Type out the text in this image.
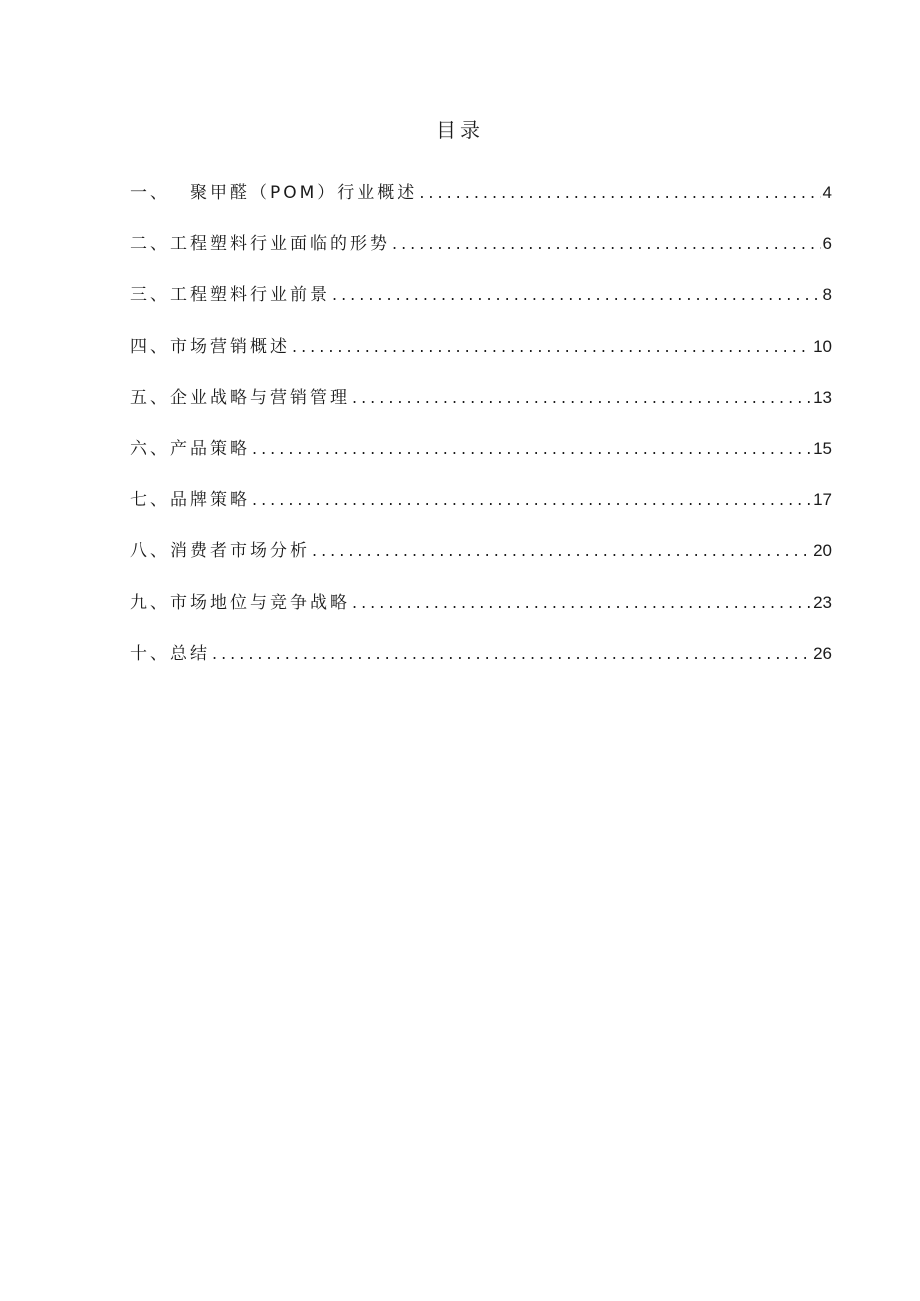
目录
一、	聚甲醛（POM）行业概述 .....	4
二、 工程塑料行业面临的形势 .....	6
三、 工程塑料行业前景 .....	8
四、 市场营销概述 .....	10
五、 企业战略与营销管理 .....	13
六、 产品策略 .....	15
七、 品牌策略 .....	17
八、 消费者市场分析 .....	20
九、 市场地位与竞争战略 .....	23
十、 总结 .....	26
